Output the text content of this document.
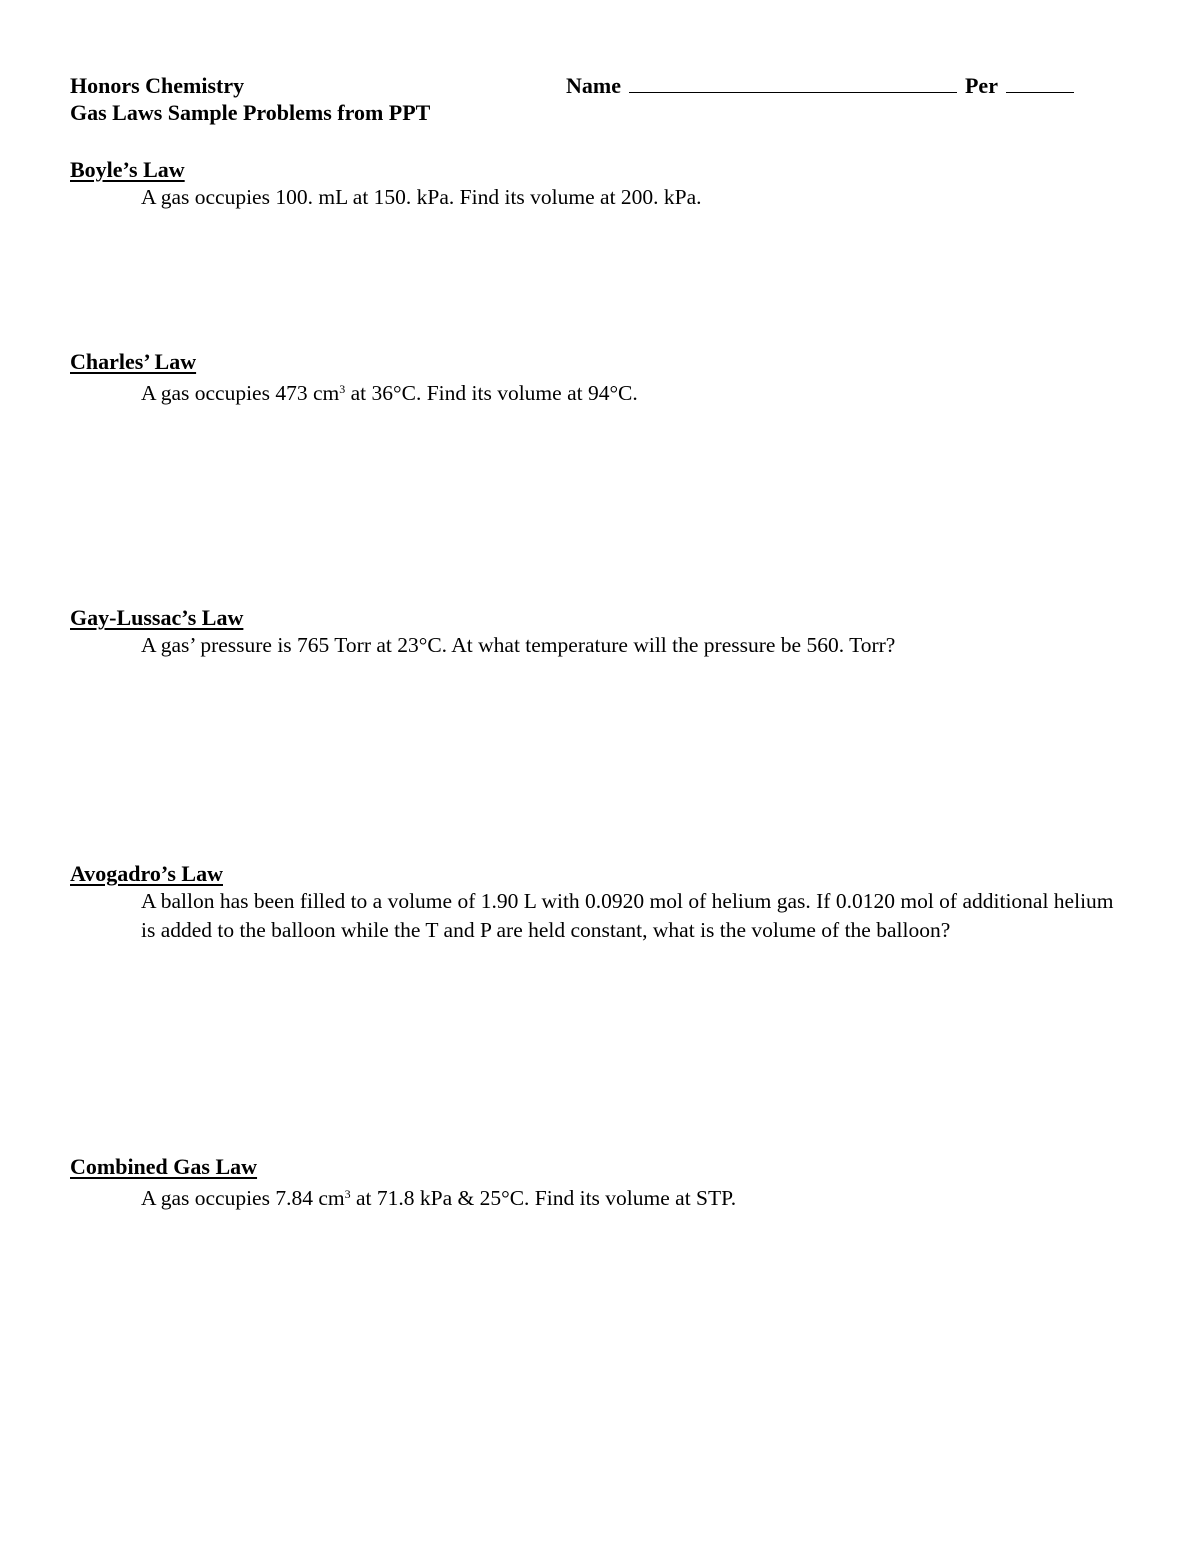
Honors Chemistry
Gas Laws Sample Problems from PPT
Name	Per
Boyle’s Law
A gas occupies 100. mL at 150. kPa. Find its volume at 200. kPa.
Charles’ Law
A gas occupies 473 $cm^3$ at 36°C. Find its volume at 94°C.
Gay-Lussac’s Law
A gas’ pressure is 765 Torr at 23°C. At what temperature will the pressure be 560. Torr?
Avogadro’s Law
A ballon has been filled to a volume of 1.90 L with 0.0920 mol of helium gas. If 0.0120 mol of additional helium is added to the balloon while the T and P are held constant, what is the volume of the balloon?
Combined Gas Law
A gas occupies 7.84 $cm^3$ at 71.8 kPa & 25°C. Find its volume at STP.
